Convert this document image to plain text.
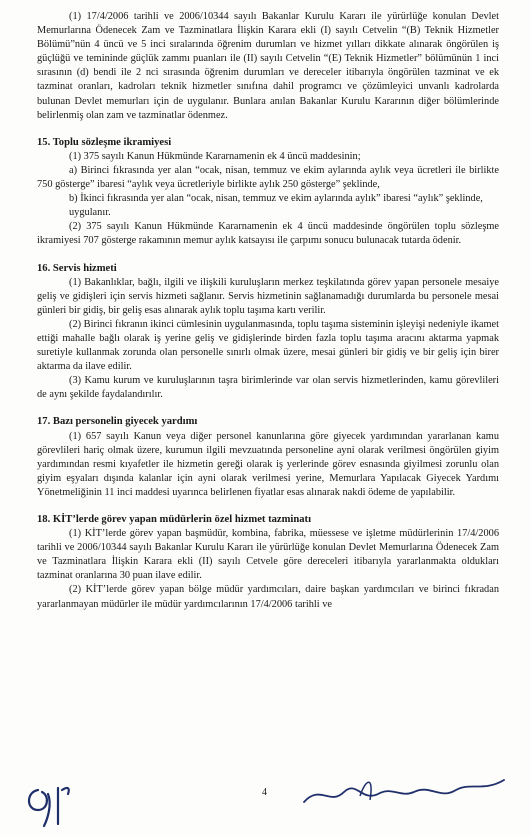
(1) 17/4/2006 tarihli ve 2006/10344 sayılı Bakanlar Kurulu Kararı ile yürürlüğe konulan Devlet Memurlarına Ödenecek Zam ve Tazminatlara İlişkin Karara ekli (I) sayılı Cetvelin “(B) Teknik Hizmetler Bölümü”nün 4 üncü ve 5 inci sıralarında öğrenim durumları ve hizmet yılları dikkate alınarak öngörülen iş güçlüğü ve temininde güçlük zammı puanları ile (II) sayılı Cetvelin “(E) Teknik Hizmetler” bölümünün 1 inci sırasının (d) bendi ile 2 nci sırasında öğrenim durumları ve dereceler itibarıyla öngörülen tazminat ve ek tazminat oranları, kadroları teknik hizmetler sınıfına dahil programcı ve çözümleyici unvanlı kadrolarda bulunan Devlet memurları için de uygulanır. Bunlara anılan Bakanlar Kurulu Kararının diğer bölümlerinde belirlenmiş olan zam ve tazminatlar ödenmez.

15. Toplu sözleşme ikramiyesi

(1) 375 sayılı Kanun Hükmünde Kararnamenin ek 4 üncü maddesinin;

a) Birinci fıkrasında yer alan “ocak, nisan, temmuz ve ekim aylarında aylık veya ücretleri ile birlikte 750 gösterge” ibaresi “aylık veya ücretleriyle birlikte aylık 250 gösterge” şeklinde,

b) İkinci fıkrasında yer alan “ocak, nisan, temmuz ve ekim aylarında aylık” ibaresi “aylık” şeklinde,

uygulanır.

(2) 375 sayılı Kanun Hükmünde Kararnamenin ek 4 üncü maddesinde öngörülen toplu sözleşme ikramiyesi 707 gösterge rakamının memur aylık katsayısı ile çarpımı sonucu bulunacak tutarda ödenir.

16. Servis hizmeti

(1) Bakanlıklar, bağlı, ilgili ve ilişkili kuruluşların merkez teşkilatında görev yapan personele mesaiye geliş ve gidişleri için servis hizmeti sağlanır. Servis hizmetinin sağlanamadığı durumlarda bu personele mesai günleri bir gidiş, bir geliş esas alınarak aylık toplu taşıma kartı verilir.

(2) Birinci fıkranın ikinci cümlesinin uygulanmasında, toplu taşıma sisteminin işleyişi nedeniyle ikamet ettiği mahalle bağlı olarak iş yerine geliş ve gidişlerinde birden fazla toplu taşıma aracını aktarma yapmak suretiyle kullanmak zorunda olan personelle sınırlı olmak üzere, mesai günleri bir gidiş ve bir geliş için birer aktarma da ilave edilir.

(3) Kamu kurum ve kuruluşlarının taşra birimlerinde var olan servis hizmetlerinden, kamu görevlileri de aynı şekilde faydalandırılır.

17. Bazı personelin giyecek yardımı

(1) 657 sayılı Kanun veya diğer personel kanunlarına göre giyecek yardımından yararlanan kamu görevlileri hariç olmak üzere, kurumun ilgili mevzuatında personeline ayni olarak verilmesi öngörülen giyim yardımından resmi kıyafetler ile hizmetin gereği olarak iş yerlerinde görev esnasında giyilmesi zorunlu olan giyim eşyaları dışında kalanlar için ayni olarak verilmesi yerine, Memurlara Yapılacak Giyecek Yardımı Yönetmeliğinin 11 inci maddesi uyarınca belirlenen fiyatlar esas alınarak nakdi ödeme de yapılabilir.

18. KİT’lerde görev yapan müdürlerin özel hizmet tazminatı

(1) KİT’lerde görev yapan başmüdür, kombina, fabrika, müessese ve işletme müdürlerinin 17/4/2006 tarihli ve 2006/10344 sayılı Bakanlar Kurulu Kararı ile yürürlüğe konulan Devlet Memurlarına Ödenecek Zam ve Tazminatlara İlişkin Karara ekli (II) sayılı Cetvele göre dereceleri itibarıyla yararlanmakta oldukları tazminat oranlarına 30 puan ilave edilir.

(2) KİT’lerde görev yapan bölge müdür yardımcıları, daire başkan yardımcıları ve birinci fıkradan yararlanmayan müdürler ile müdür yardımcılarının 17/4/2006 tarihli ve

4
